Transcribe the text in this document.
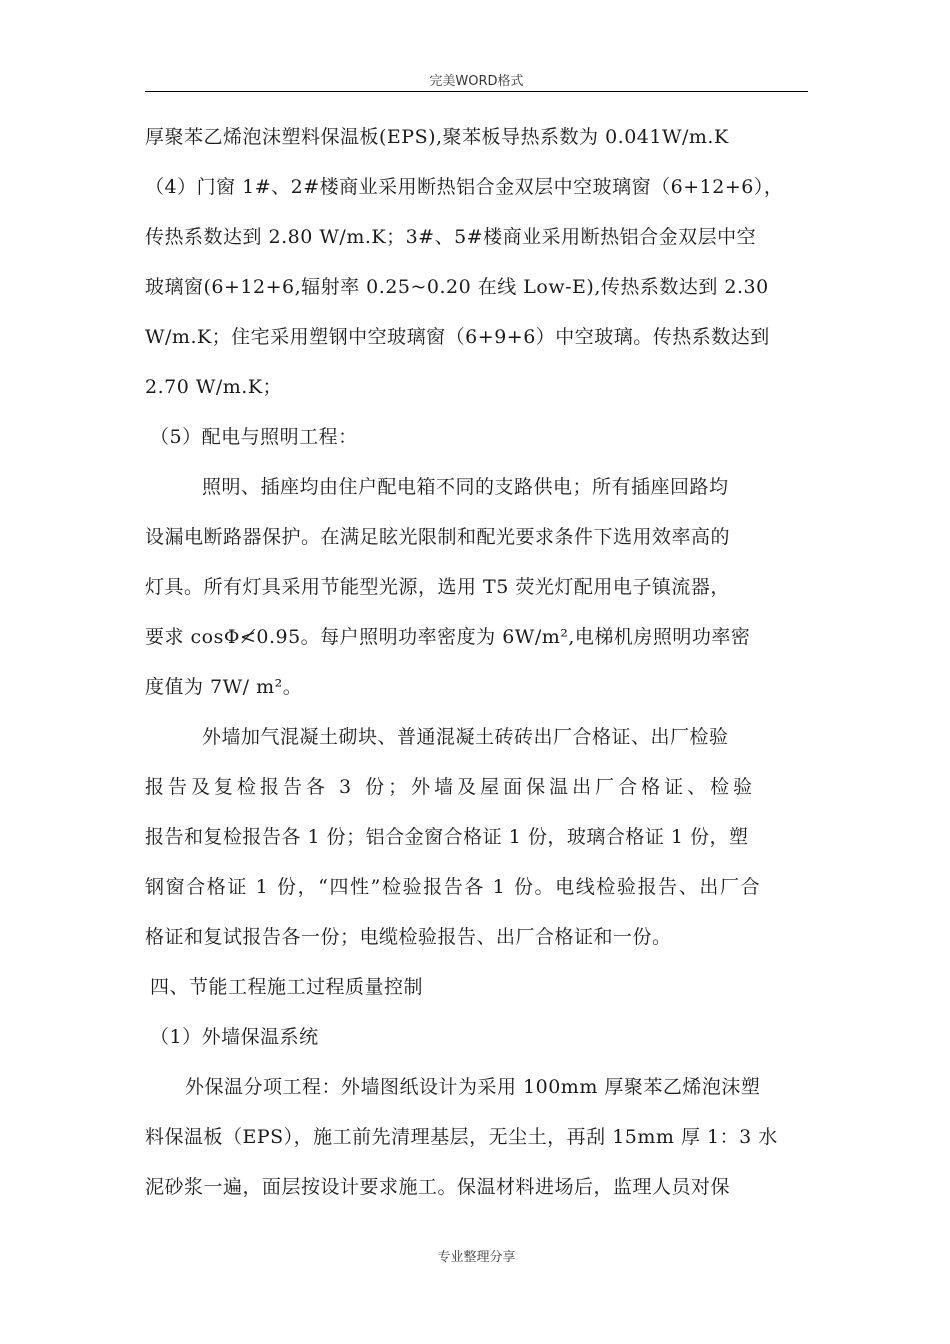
完美WORD格式
厚聚苯乙烯泡沫塑料保温板(EPS),聚苯板导热系数为 0.041W/m.K
（4）门窗 1#、2#楼商业采用断热铝合金双层中空玻璃窗（6+12+6），
传热系数达到 2.80 W/m.K；3#、5#楼商业采用断热铝合金双层中空
玻璃窗(6+12+6,辐射率 0.25~0.20 在线 Low-E),传热系数达到 2.30
W/m.K；住宅采用塑钢中空玻璃窗（6+9+6）中空玻璃。传热系数达到
2.70 W/m.K；
（5）配电与照明工程：
照明、插座均由住户配电箱不同的支路供电；所有插座回路均
设漏电断路器保护。在满足眩光限制和配光要求条件下选用效率高的
灯具。所有灯具采用节能型光源，选用 T5 荧光灯配用电子镇流器，
要求 cosΦ≮0.95。每户照明功率密度为 6W/m²,电梯机房照明功率密
度值为 7W/ m²。
外墙加气混凝土砌块、普通混凝土砖砖出厂合格证、出厂检验
报告及复检报告各 3 份；外墙及屋面保温出厂合格证、检验
报告和复检报告各 1 份；铝合金窗合格证 1 份，玻璃合格证 1 份，塑
钢窗合格证 1 份，“四性”检验报告各 1 份。电线检验报告、出厂合
格证和复试报告各一份；电缆检验报告、出厂合格证和一份。
四、节能工程施工过程质量控制
（1）外墙保温系统
外保温分项工程：外墙图纸设计为采用 100mm 厚聚苯乙烯泡沫塑
料保温板（EPS），施工前先清理基层，无尘土，再刮 15mm 厚 1：3 水
泥砂浆一遍，面层按设计要求施工。保温材料进场后，监理人员对保
专业整理分享
